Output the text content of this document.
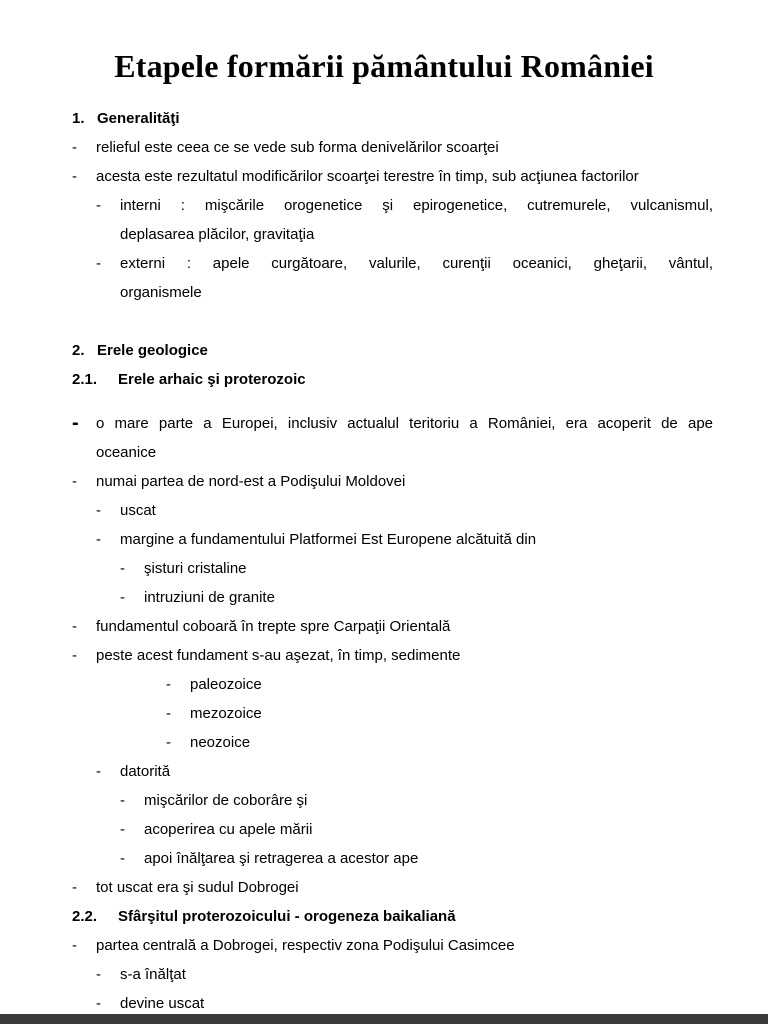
Etapele formării pământului României
1. Generalităţi
-	relieful este ceea ce se vede sub forma denivelărilor scoarţei
-	acesta este rezultatul modificărilor scoarţei terestre în timp, sub acţiunea factorilor
-	interni : mişcările orogenetice şi epirogenetice, cutremurele, vulcanismul,
deplasarea plăcilor, gravitaţia
-	externi : apele curgătoare, valurile, curenţii oceanici, gheţarii, vântul,
organismele
2. Erele geologice
2.1.	Erele arhaic şi proterozoic
-	o mare parte a Europei, inclusiv actualul teritoriu a României, era acoperit de ape
oceanice
-	numai partea de nord-est a Podişului Moldovei
-	uscat
-	margine a fundamentului Platformei Est Europene alcătuită din
-	şisturi cristaline
-	intruziuni de granite
-	fundamentul coboară în trepte spre Carpaţii Orientală
-	peste acest fundament s-au aşezat, în timp, sedimente
-	paleozoice
-	mezozoice
-	neozoice
-	datorită
-	mişcărilor de coborâre şi
-	acoperirea cu apele mării
-	apoi înălţarea şi retragerea a acestor ape
-	tot uscat era şi sudul Dobrogei
2.2.	Sfârşitul proterozoicului - orogeneza baikaliană
-	partea centrală a Dobrogei, respectiv zona Podişului Casimcee
-	s-a înălţat
-	devine uscat
